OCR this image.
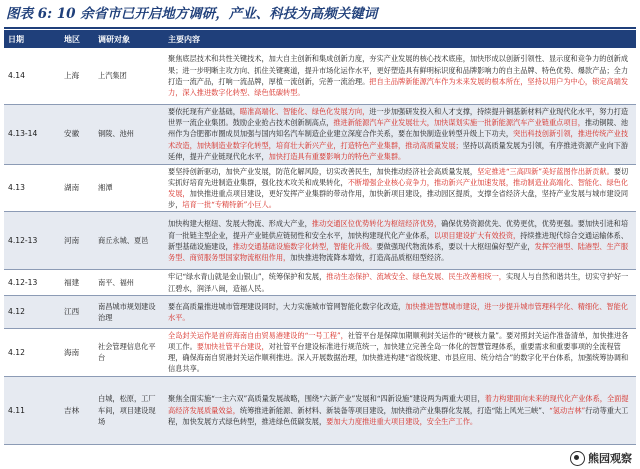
图表 6: 10 余省市已开启地方调研，产业、科技为高频关键词
日期	地区	调研对象	主要内容
4.14	上海	上汽集团	聚焦底层技术和共性关键技术，加大自主创新和集成创新力度，夯实产业发展的核心技术底座，加快形成以创新引领性、显示度和竞争力的创新成果；进一步明晰主攻方向、抓住关键赛道，提升市场化运作水平，更好塑造具有鲜明标识度和品牌影响力的自主品牌、特色优势、爆款产品；全力打造一流产品，打响一流品牌，厚植一流创新，完善一流治理。把自主品牌新能源汽车作为未来发展的根本所在，坚持以用户为中心，锁定高端发力，深入推进数字化转型、绿色低碳转型。
4.13-14	安徽	铜陵、池州	要依托现有产业基础，瞄准高端化、智能化、绿色化发展方向，进一步加强研发投入和人才支撑，持续提升铜基新材料产业现代化水平，努力打造世界一流企业集团。鼓励企业抢占技术创新制高点，推进新能源汽车产业发展壮大，加快谋划实施一批新能源汽车产业链重点项目，推动铜陵、池州作为合肥都市圈成员加强与国内知名汽车制造企业建立深度合作关系，要在加快制造业转型升级上下功夫，突出科技创新引领，推进传统产业技术改造，加快制造业数字化转型，培育壮大新兴产业，打造特色产业集群，推动高质量发展；坚持以高质量发展为引领，有序推进资源产业向下游延伸，提升产业链现代化水平，加快打造具有重要影响力的特色产业集群。
4.13	湖南	湘潭	要坚持创新驱动，加快产业发展，防范化解风险，切实改善民生，加快推动经济社会高质量发展，坚定推进“三高四新”美好蓝图作出新贡献。要切实抓好培育先进制造业集群，强化技术攻关和成果转化，不断增强企业核心竞争力，推动新兴产业加速发展，推动制造业高端化、智能化、绿色化发展，加快推进重点项目建设，更好发挥产业集群的带动作用，加快新项目建设，推动园区提质，支撑全省经济大盘，坚持产业发展与城市建设同步，培育一批“专精特新”小巨人。
4.12-13	河南	商丘永城、夏邑	加快构建大枢纽、发展大物流、形成大产业，推动交通区位优势转化为枢纽经济优势，确保优势资源优先、优势更优，优势更强。要加快引进和培育一批链主型企业，提升产业链供应链韧性和安全水平，加快构建现代化产业体系，以项目建设扩大有效投资，持续推进现代综合交通运输体系、新型基础设施建设，推动交通基础设施数字化转型，智能化升级。要做强现代物流体系，要以十大枢纽偏好型产业，发挥空港型、陆港型、生产服务型、商贸服务型国家物流枢纽作用，加快推进物流降本增效，打造高品质枢纽型经济。
4.12-13	福建	南平、福州	牢记“绿水青山就是金山银山”，统筹保护和发展，推动生态保护、流域安全、绿色发展、民生改善相统一，实现人与自然和谐共生，切实守护好一江碧水，润泽八闽，造福人民。
4.12	江西	南昌城市规划建设治理	要在高质量推进城市管理建设同时，大力实施城市管网智能化数字化改造，加快推进智慧城市建设，进一步提升城市管理科学化、精细化、智能化水平。
4.12	海南	社会管理信息化平台	全岛封关运作是首府海南自由贸易港建设的“一号工程”，社管平台是保障加期顺利封关运作的“硬核力量”。要对照封关运作准备清单，加快推进各项工作。要加快社管平台建设，对社管平台建设标准进行规范统一，加快建立完善全岛一体化的智慧管理体系，重要需求和重要事项的全流程管理，确保海南自贸港封关运作顺利推进。深入开展数据治理，加快推进构建“省级统建、市县应用、统分结合”的数字化平台体系，加强统筹协调和信息共享。
4.11	吉林	白城，松原，工厂车间，项目建设现场	聚焦全面实施“一主六双”高质量发展战略，围绕“六新产业”发展和“四新设施”建设两为两重大项目，着力构建面向未来的现代化产业体系，全面提高经济发展质量效益，统筹推进新能源、新材料、新装备等项目建设，加快推动产业集群化发展，打造“陆上风光三峡”、“氢动吉林”行动等重大工程，加快发展方式绿色转型，推进绿色低碳发展，要加大力度推进重大项目建设，安全生产工作。
熊园观察
